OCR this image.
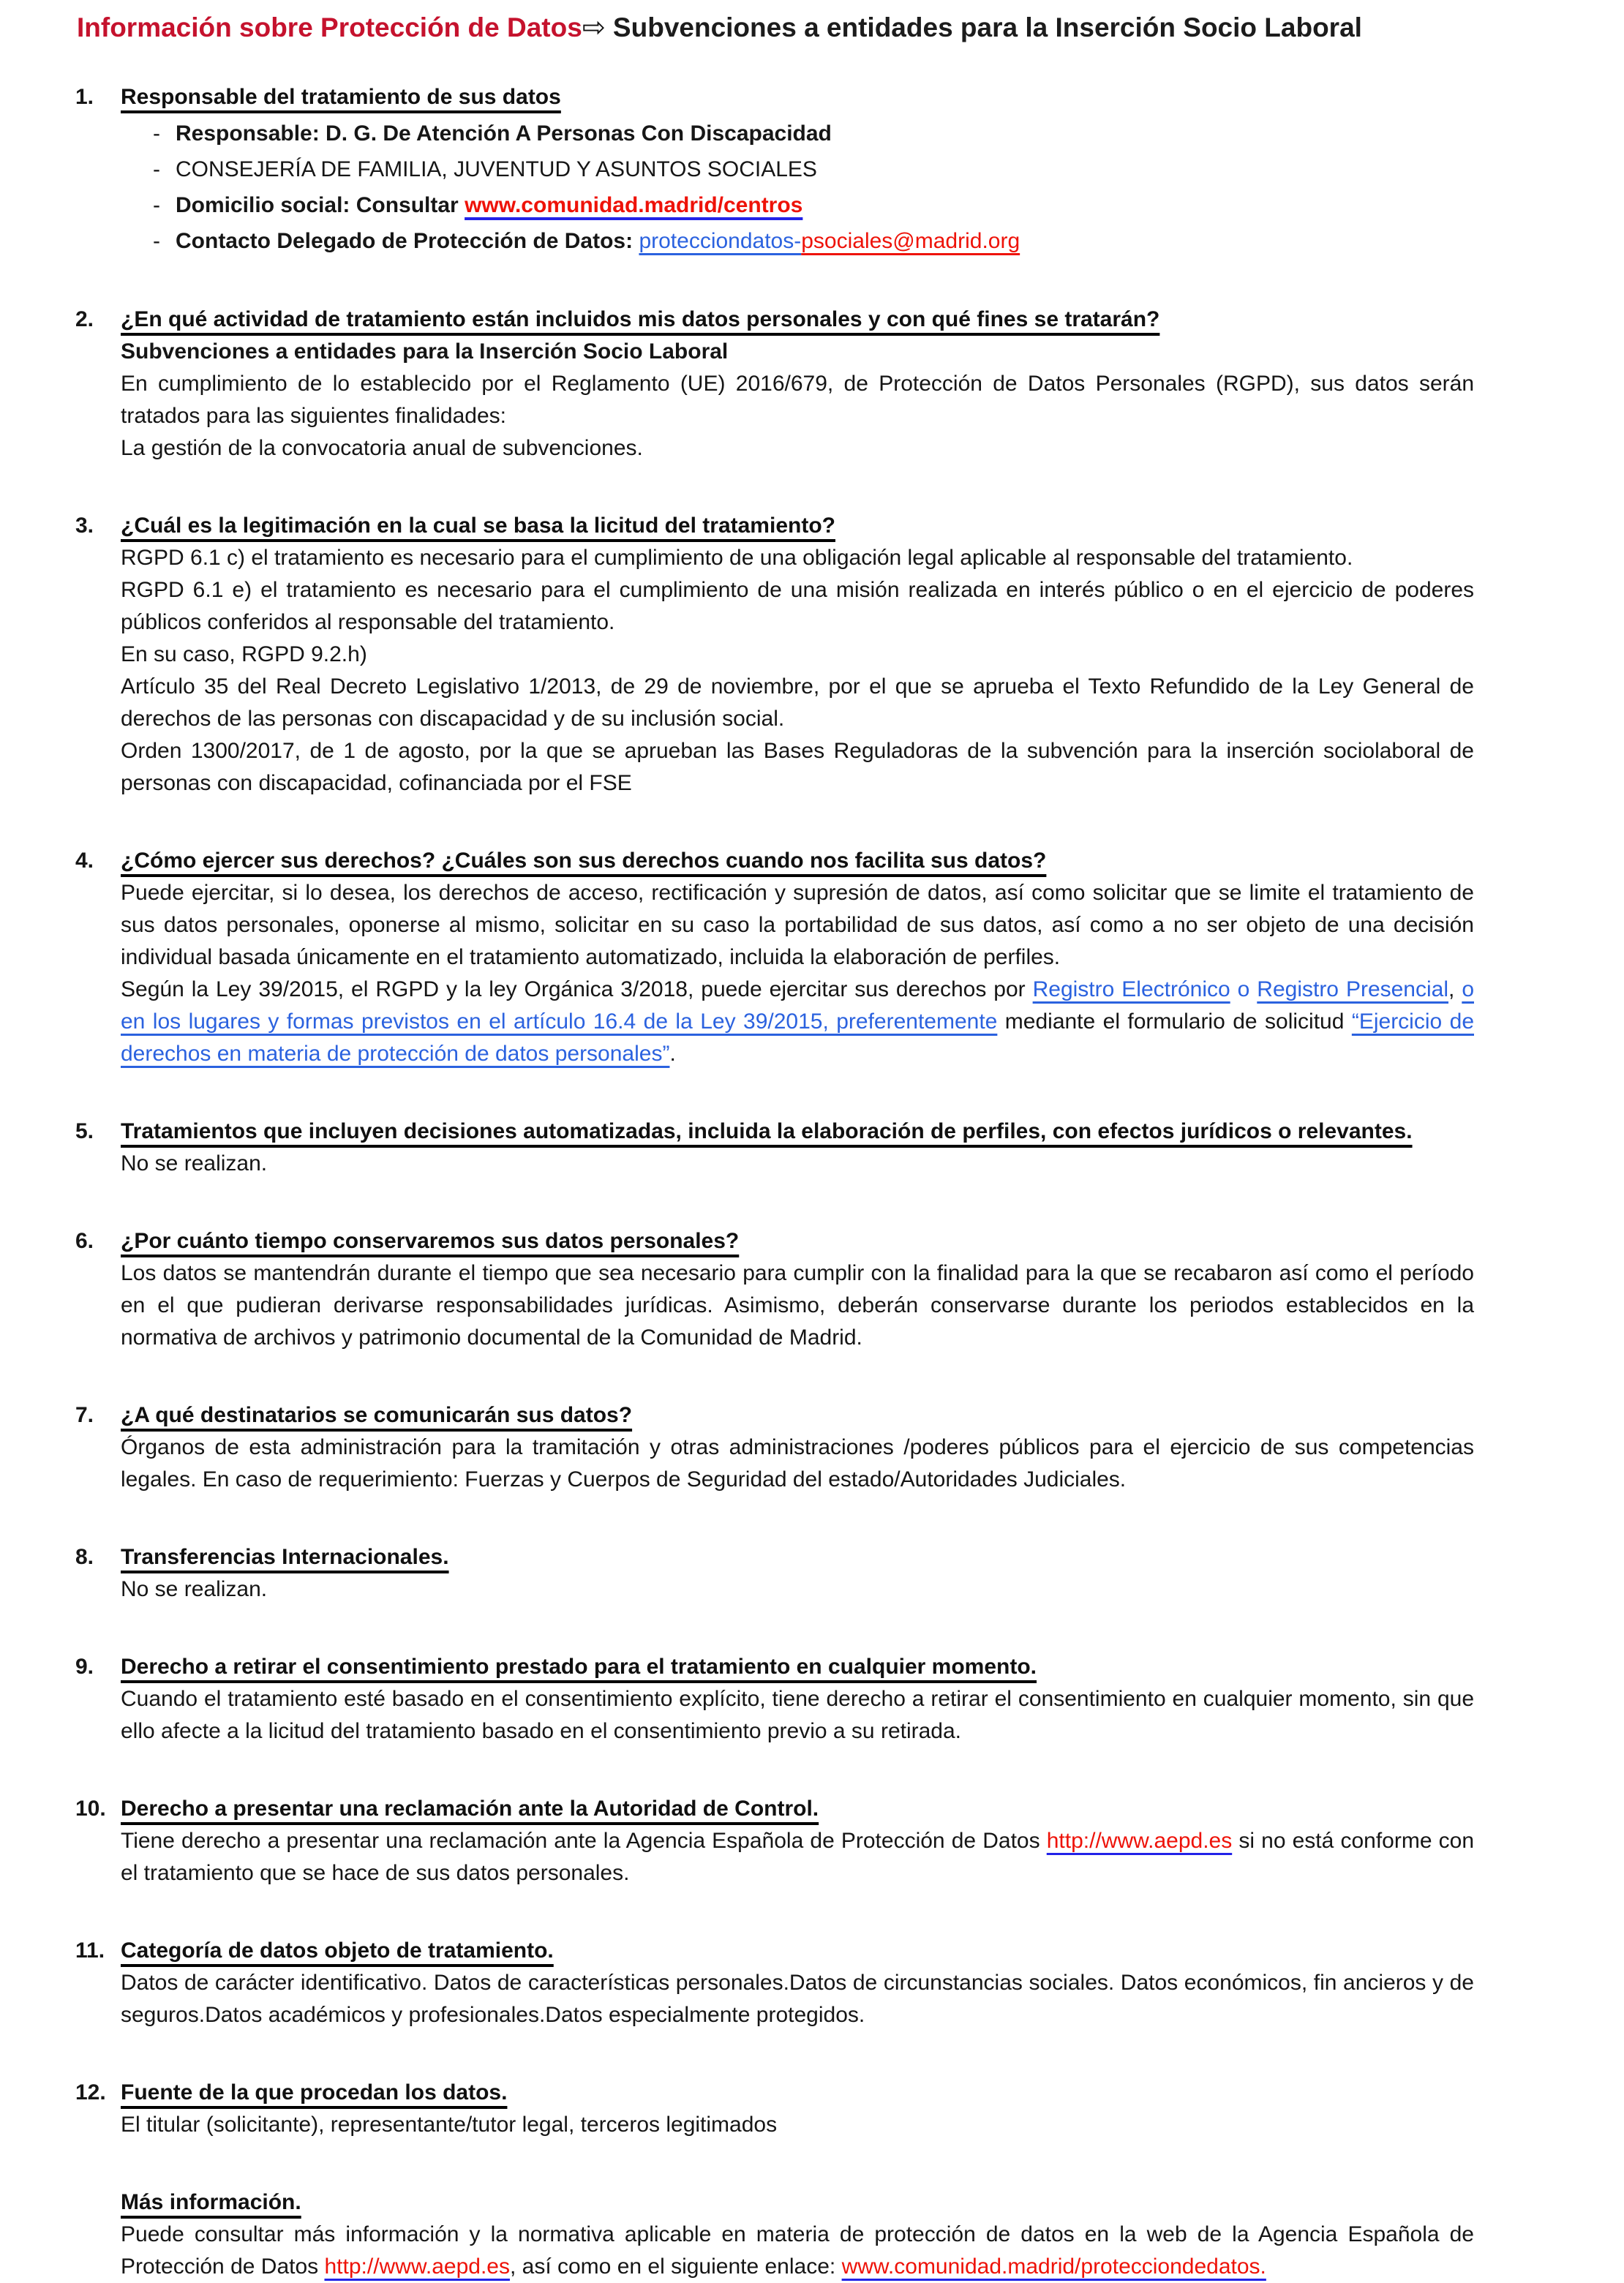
Información sobre Protección de Datos⇨ Subvenciones a entidades para la Inserción Socio Laboral
1. Responsable del tratamiento de sus datos
- Responsable: D. G. De Atención A Personas Con Discapacidad
- CONSEJERÍA DE FAMILIA, JUVENTUD Y ASUNTOS SOCIALES
- Domicilio social: Consultar www.comunidad.madrid/centros
- Contacto Delegado de Protección de Datos: protecciondatos-psociales@madrid.org
2. ¿En qué actividad de tratamiento están incluidos mis datos personales y con qué fines se tratarán?

Subvenciones a entidades para la Inserción Socio Laboral

En cumplimiento de lo establecido por el Reglamento (UE) 2016/679, de Protección de Datos Personales (RGPD), sus datos serán tratados para las siguientes finalidades:

La gestión de la convocatoria anual de subvenciones.

3. ¿Cuál es la legitimación en la cual se basa la licitud del tratamiento?

RGPD 6.1 c) el tratamiento es necesario para el cumplimiento de una obligación legal aplicable al responsable del tratamiento.

RGPD 6.1 e) el tratamiento es necesario para el cumplimiento de una misión realizada en interés público o en el ejercicio de poderes públicos conferidos al responsable del tratamiento.

En su caso, RGPD 9.2.h)

Artículo 35 del Real Decreto Legislativo 1/2013, de 29 de noviembre, por el que se aprueba el Texto Refundido de la Ley General de derechos de las personas con discapacidad y de su inclusión social.

Orden 1300/2017, de 1 de agosto, por la que se aprueban las Bases Reguladoras de la subvención para la inserción sociolaboral de personas con discapacidad, cofinanciada por el FSE

4. ¿Cómo ejercer sus derechos? ¿Cuáles son sus derechos cuando nos facilita sus datos?

Puede ejercitar, si lo desea, los derechos de acceso, rectificación y supresión de datos, así como solicitar que se limite el tratamiento de sus datos personales, oponerse al mismo, solicitar en su caso la portabilidad de sus datos, así como a no ser objeto de una decisión individual basada únicamente en el tratamiento automatizado, incluida la elaboración de perfiles.

Según la Ley 39/2015, el RGPD y la ley Orgánica 3/2018, puede ejercitar sus derechos por Registro Electrónico o Registro Presencial, o en los lugares y formas previstos en el artículo 16.4 de la Ley 39/2015, preferentemente mediante el formulario de solicitud “Ejercicio de derechos en materia de protección de datos personales”.

5. Tratamientos que incluyen decisiones automatizadas, incluida la elaboración de perfiles, con efectos jurídicos o relevantes.

No se realizan.

6. ¿Por cuánto tiempo conservaremos sus datos personales?

Los datos se mantendrán durante el tiempo que sea necesario para cumplir con la finalidad para la que se recabaron así como el período en el que pudieran derivarse responsabilidades jurídicas. Asimismo, deberán conservarse durante los periodos establecidos en la normativa de archivos y patrimonio documental de la Comunidad de Madrid.

7. ¿A qué destinatarios se comunicarán sus datos?

Órganos de esta administración para la tramitación y otras administraciones /poderes públicos para el ejercicio de sus competencias legales. En caso de requerimiento: Fuerzas y Cuerpos de Seguridad del estado/Autoridades Judiciales.

8. Transferencias Internacionales.

No se realizan.

9. Derecho a retirar el consentimiento prestado para el tratamiento en cualquier momento.

Cuando el tratamiento esté basado en el consentimiento explícito, tiene derecho a retirar el consentimiento en cualquier momento, sin que ello afecte a la licitud del tratamiento basado en el consentimiento previo a su retirada.

10. Derecho a presentar una reclamación ante la Autoridad de Control.

Tiene derecho a presentar una reclamación ante la Agencia Española de Protección de Datos http://www.aepd.es si no está conforme con el tratamiento que se hace de sus datos personales.

11. Categoría de datos objeto de tratamiento.

Datos de carácter identificativo. Datos de características personales.Datos de circunstancias sociales. Datos económicos, fin ancieros y de seguros.Datos académicos y profesionales.Datos especialmente protegidos.

12. Fuente de la que procedan los datos.

El titular (solicitante), representante/tutor legal, terceros legitimados

Más información.

Puede consultar más información y la normativa aplicable en materia de protección de datos en la web de la Agencia Española de Protección de Datos http://www.aepd.es, así como en el siguiente enlace: www.comunidad.madrid/protecciondedatos.
